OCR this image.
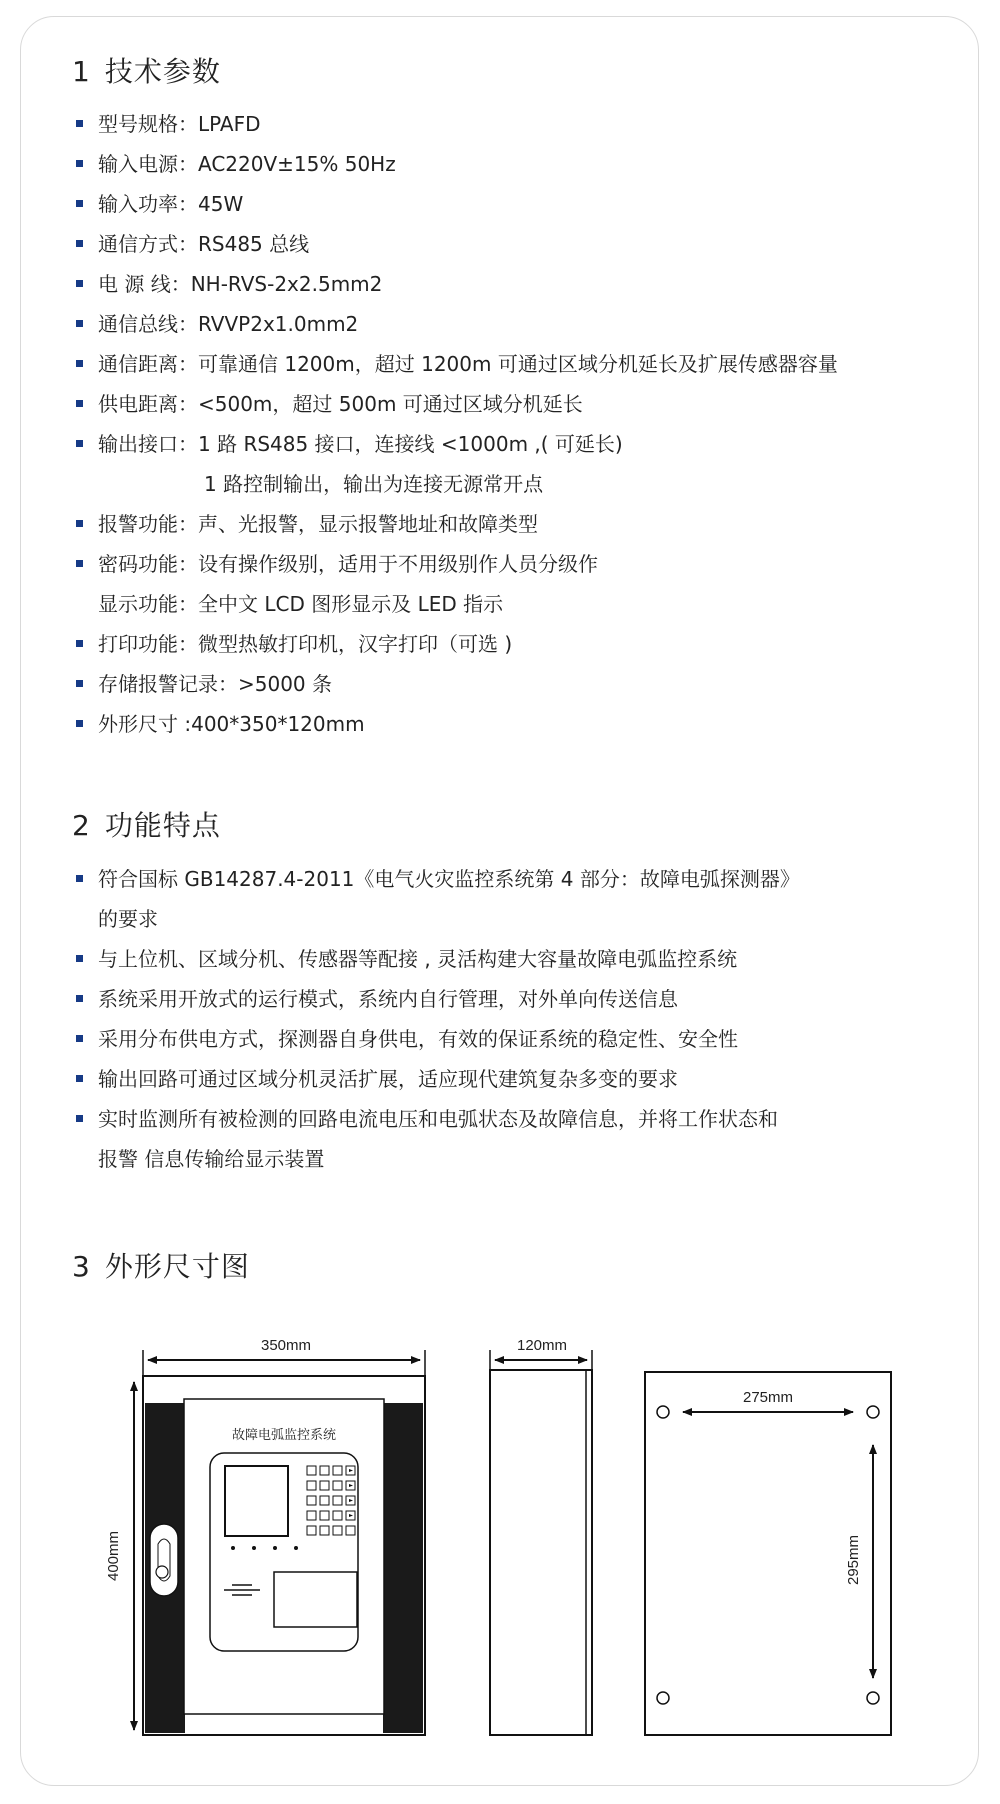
1 技术参数
型号规格：LPAFD
输入电源：AC220V±15% 50Hz
输入功率：45W
通信方式：RS485 总线
电 源 线：NH-RVS-2x2.5mm2
通信总线：RVVP2x1.0mm2
通信距离：可靠通信 1200m，超过 1200m 可通过区域分机延长及扩展传感器容量
供电距离：<500m，超过 500m 可通过区域分机延长
输出接口：1 路 RS485 接口，连接线 <1000m ,( 可延长)
1 路控制输出，输出为连接无源常开点
报警功能：声、光报警，显示报警地址和故障类型
密码功能：设有操作级别，适用于不用级别作人员分级作
显示功能：全中文 LCD 图形显示及 LED 指示
打印功能：微型热敏打印机，汉字打印（可选 )
存储报警记录：>5000 条
外形尺寸 :400*350*120mm
2 功能特点
符合国标 GB14287.4-2011《电气火灾监控系统第 4 部分：故障电弧探测器》
的要求
与上位机、区域分机、传感器等配接 , 灵活构建大容量故障电弧监控系统
系统采用开放式的运行模式，系统内自行管理，对外单向传送信息
采用分布供电方式，探测器自身供电，有效的保证系统的稳定性、安全性
输出回路可通过区域分机灵活扩展，适应现代建筑复杂多变的要求
实时监测所有被检测的回路电流电压和电弧状态及故障信息，并将工作状态和
报警 信息传输给显示装置
3 外形尺寸图
350mm
故障电弧监控系统
400mm
120mm
275mm
295mm
